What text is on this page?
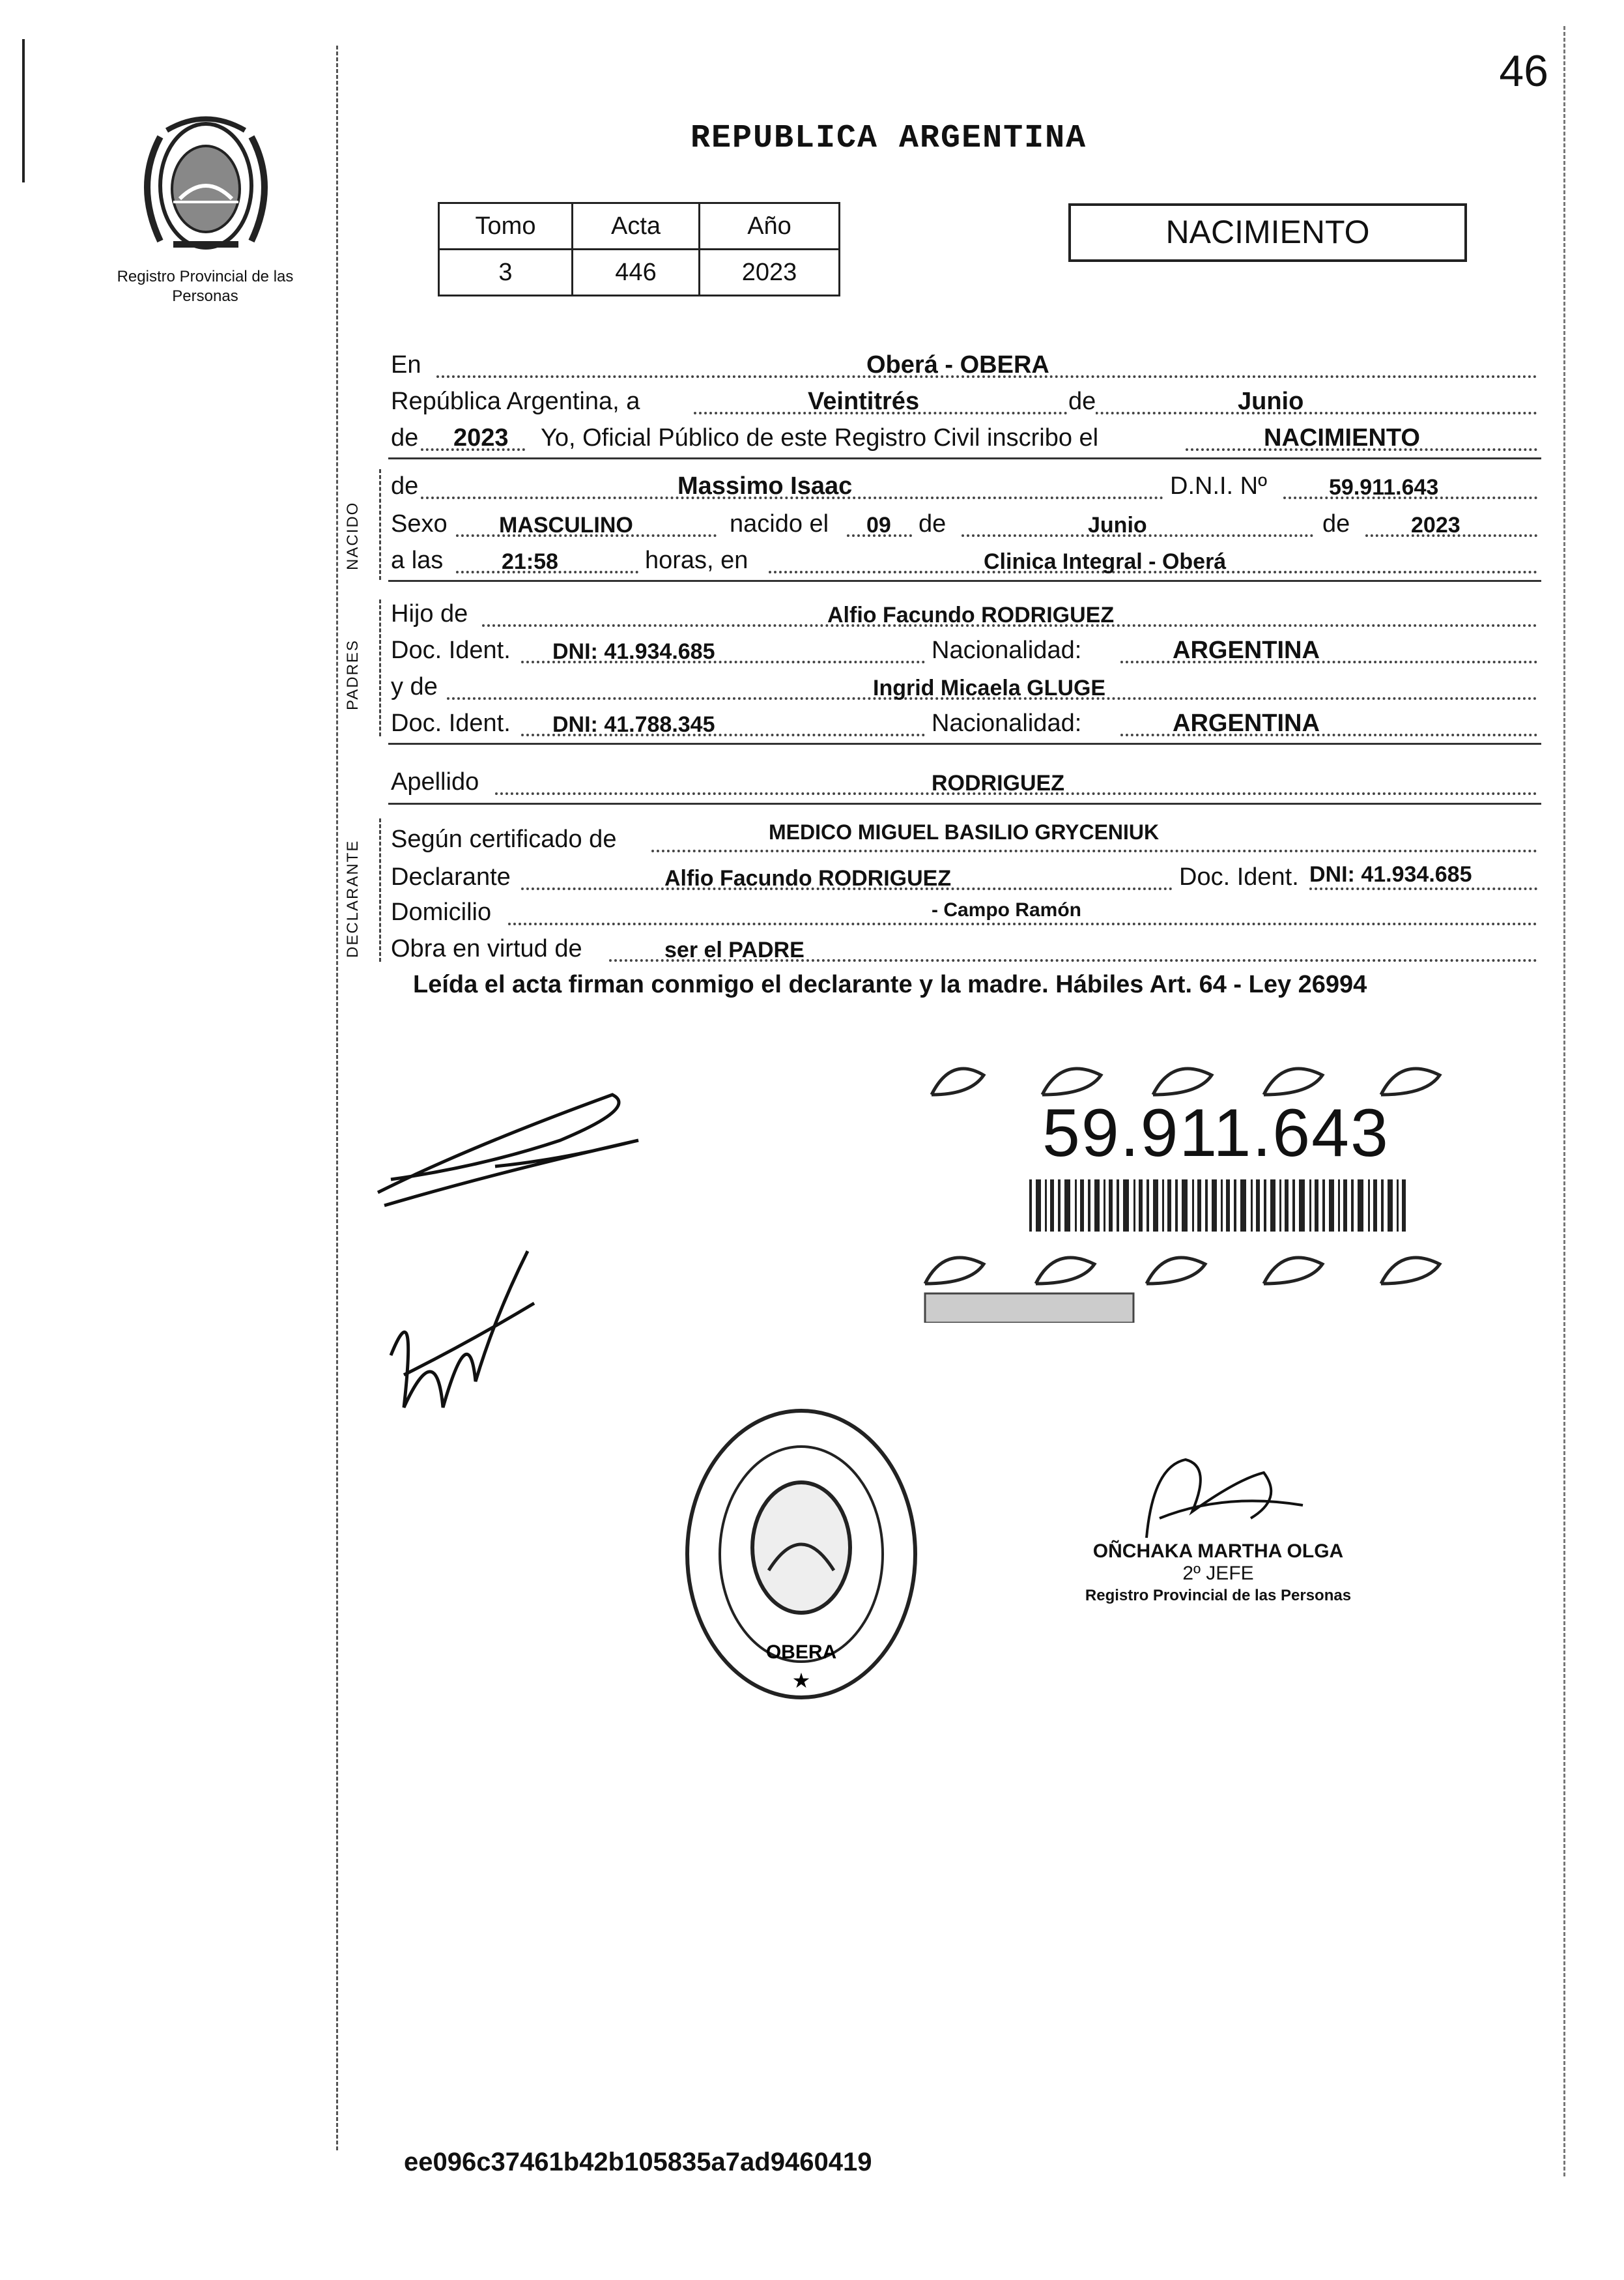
46
Registro Provincial de las Personas
REPUBLICA ARGENTINA
Tomo	Acta	Año
3	446	2023
NACIMIENTO
En	Oberá - OBERA
República Argentina, a	Veintitrés	de	Junio
de 2023 Yo, Oficial Público de este Registro Civil inscribo el	NACIMIENTO
NACIDO
de	Massimo Isaac	D.N.I. Nº	59.911.643
Sexo MASCULINO	nacido el 09 de	Junio	de	2023
a las	21:58	horas, en	Clinica Integral - Oberá
PADRES
Hijo de	Alfio Facundo RODRIGUEZ
Doc. Ident. DNI: 41.934.685	Nacionalidad:	ARGENTINA
y de	Ingrid Micaela GLUGE
Doc. Ident. DNI: 41.788.345	Nacionalidad:	ARGENTINA
Apellido	RODRIGUEZ
DECLARANTE
Según certificado de	MEDICO MIGUEL BASILIO GRYCENIUK
Declarante	Alfio Facundo RODRIGUEZ	Doc. Ident. DNI: 41.934.685
Domicilio	- Campo Ramón
Obra en virtud de	ser el PADRE
Leída el acta firman conmigo el declarante y la madre. Hábiles Art. 64 - Ley 26994
59.911.643
OBERA
★
OÑCHAKA MARTHA OLGA
2º JEFE
Registro Provincial de las Personas
ee096c37461b42b105835a7ad9460419
